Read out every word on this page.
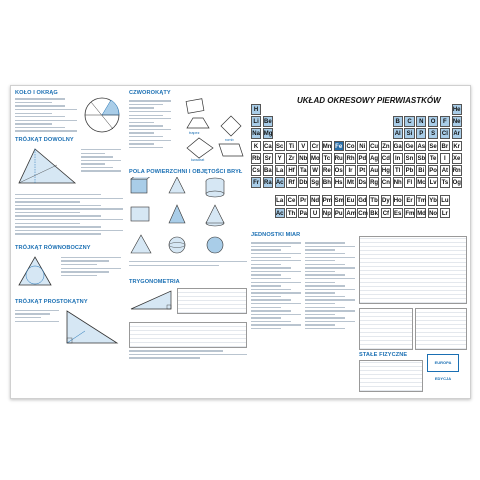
KOŁO I OKRĄG
TRÓJKĄT DOWOLNY
TRÓJKĄT RÓWNOBOCZNY
TRÓJKĄT PROSTOKĄTNY
CZWOROKĄTY
trapez
romb
kwadrat
POLA POWIERZCHNI I OBJĘTOŚCI BRYŁ
TRYGONOMETRIA
UKŁAD OKRESOWY PIERWIASTKÓW
H	He
Li Be	B	C	N	O	F	Ne
Na Mg	Al Si	P	S	Cl Ar
K Ca Sc Ti	V	Cr Mn Fe Co Ni Cu Zn Ga Ge As Se Br Kr
Rb Sr	Y	Zr Nb Mo Tc Ru Rh Pd Ag Cd In Sn Sb Te	I	Xe
Cs Ba La Hf Ta W Re Os Ir	Pt Au Hg Tl Pb Bi Po At Rn
Fr Ra Ac Rf Db Sg Bh Hs Mt Ds Rg Cn Nh Fl Mc Lv Ts Og
La Ce Pr Nd Pm Sm Eu Gd Tb Dy Ho Er Tm Yb Lu
Ac Th Pa U Np Pu Am Cm Bk Cf Es Fm Md No Lr
JEDNOSTKI MIAR
STAŁE FIZYCZNE
EUROPA EDYCJA
